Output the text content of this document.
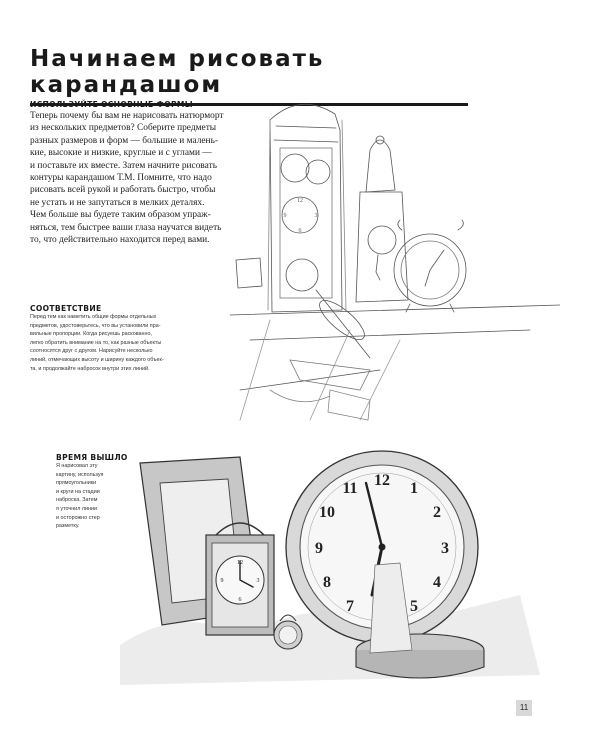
Начинаем рисовать карандашом
ИСПОЛЬЗУЙТЕ ОСНОВНЫЕ ФОРМЫ
Теперь почему бы вам не нарисовать натюрморт
из нескольких предметов? Соберите предметы
разных размеров и форм — большие и малень-
кие, высокие и низкие, круглые и с углами —
и поставьте их вместе. Затем начните рисовать
контуры карандашом Т.М. Помните, что надо
рисовать всей рукой и работать быстро, чтобы
не устать и не запутаться в мелких деталях.
Чем больше вы будете таким образом упраж-
няться, тем быстрее ваши глаза научатся видеть
то, что действительно находится перед вами.
СООТВЕТСТВИЕ
Перед тем как наметить общие формы отдельных
предметов, удостоверьтесь, что вы установили пра-
вильные пропорции. Когда рисуешь раскованно,
легко обратить внимание на то, как разные объекты
соотносятся друг с другом. Нарисуйте несколько
линий, отмечающих высоту и ширину каждого объек-
та, и продолжайте набросок внутри этих линий.
ВРЕМЯ ВЫШЛО
Я нарисовал эту
картину, используя
прямоугольники
и круги на стадии
наброска. Затем
я уточнил линии
и осторожно стер
разметку.
12
3
6
9
12 1
2
3
4
5
7
8
9
10
11
12
3
6
9
11
